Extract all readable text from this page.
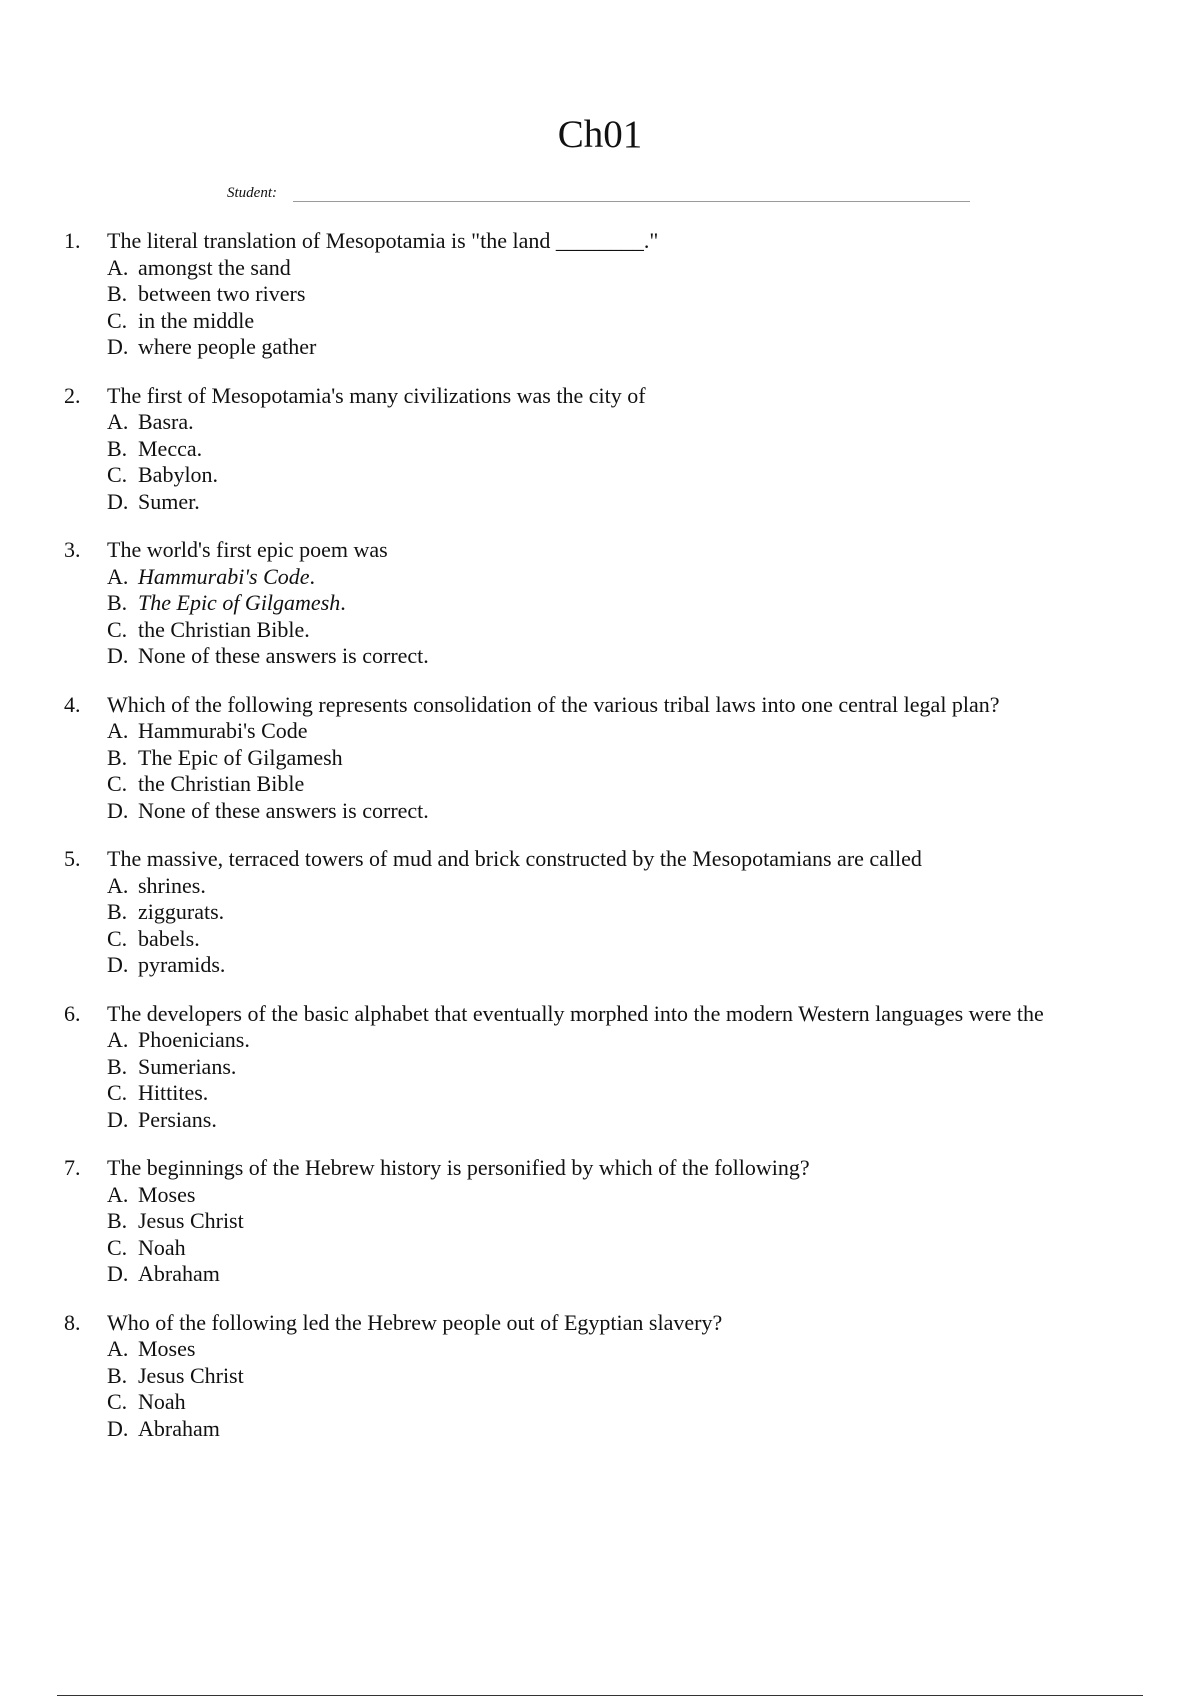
Ch01
Student:
1.	The literal translation of Mesopotamia is "the land ________."
A. amongst the sand
B. between two rivers
C. in the middle
D. where people gather
2.	The first of Mesopotamia's many civilizations was the city of
A. Basra.
B. Mecca.
C. Babylon.
D. Sumer.
3.	The world's first epic poem was
A. Hammurabi's Code.
B. The Epic of Gilgamesh.
C. the Christian Bible.
D. None of these answers is correct.
4.	Which of the following represents consolidation of the various tribal laws into one central legal plan?
A. Hammurabi's Code
B. The Epic of Gilgamesh
C. the Christian Bible
D. None of these answers is correct.
5.	The massive, terraced towers of mud and brick constructed by the Mesopotamians are called
A. shrines.
B. ziggurats.
C. babels.
D. pyramids.
6.	The developers of the basic alphabet that eventually morphed into the modern Western languages were the
A. Phoenicians.
B. Sumerians.
C. Hittites.
D. Persians.
7.	The beginnings of the Hebrew history is personified by which of the following?
A. Moses
B. Jesus Christ
C. Noah
D. Abraham
8.	Who of the following led the Hebrew people out of Egyptian slavery?
A. Moses
B. Jesus Christ
C. Noah
D. Abraham
